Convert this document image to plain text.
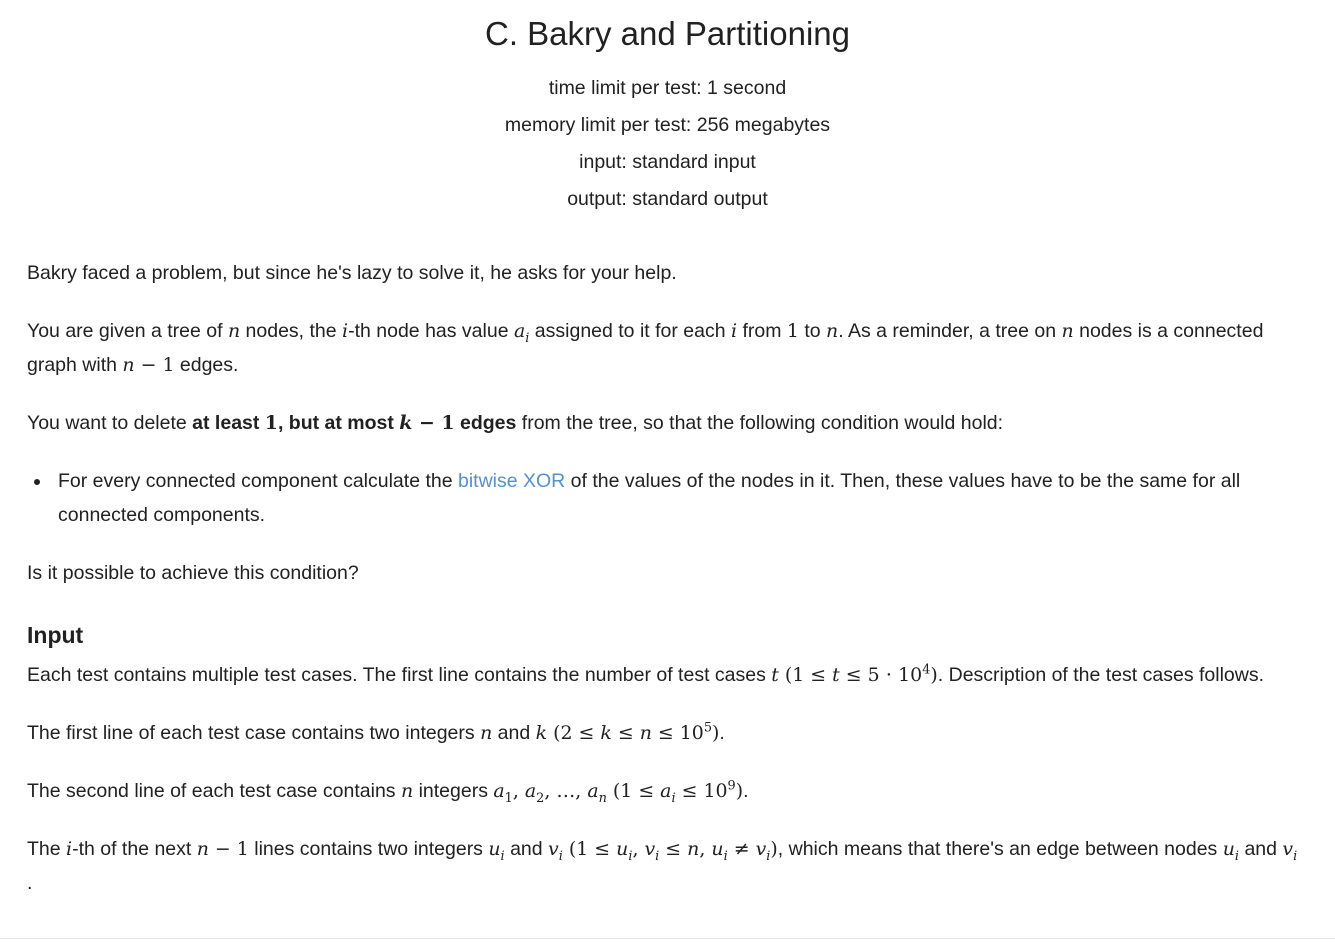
C. Bakry and Partitioning
time limit per test: 1 second
memory limit per test: 256 megabytes
input: standard input
output: standard output

Bakry faced a problem, but since he's lazy to solve it, he asks for your help.

You are given a tree of n nodes, the i-th node has value $a_i$ assigned to it for each i from 1 to n. As a reminder, a tree on n nodes is a connected graph with n − 1 edges.

You want to delete at least 1, but at most k − 1 edges from the tree, so that the following condition would hold:

• For every connected component calculate the bitwise XOR of the values of the nodes in it. Then, these values have to be the same for all connected components.

Is it possible to achieve this condition?

Input

Each test contains multiple test cases. The first line contains the number of test cases t $(1 \le t \le 5 \cdot 10^4)$. Description of the test cases follows.

The first line of each test case contains two integers n and k $(2 \le k \le n \le 10^5)$.

The second line of each test case contains n integers $a_1$, $a_2$, …, $a_n$ $(1 \le a_i \le 10^9)$.

The i-th of the next n − 1 lines contains two integers $u_i$ and $v_i$ ($1 \le u_i$, $v_i \le n$, $u_i \ne v_i$), which means that there's an edge between nodes $u_i$ and $v_i$ .
